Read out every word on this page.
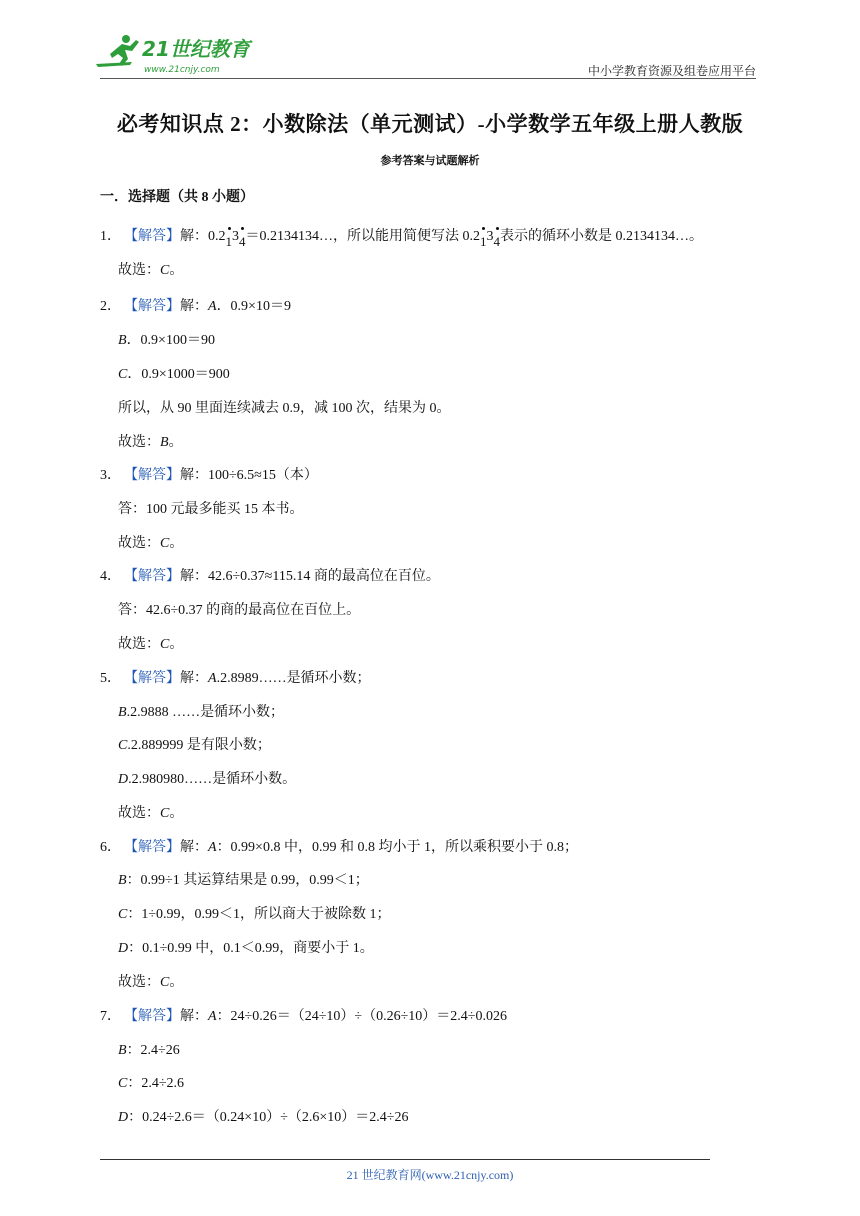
21世纪教育
www.21cnjy.com	中小学教育资源及组卷应用平台
必考知识点 2：小数除法（单元测试）-小学数学五年级上册人教版
参考答案与试题解析
一．选择题（共 8 小题）
1． 【解答】解：0.2134＝0.2134134…，所以能用简便写法 0.2134表示的循环小数是 0.2134134…。
故选：C。
2． 【解答】解：A．0.9×10＝9
B．0.9×100＝90
C．0.9×1000＝900
所以，从 90 里面连续减去 0.9，减 100 次，结果为 0。
故选：B。
3． 【解答】解：100÷6.5≈15（本）
答：100 元最多能买 15 本书。
故选：C。
4． 【解答】解：42.6÷0.37≈115.14 商的最高位在百位。
答：42.6÷0.37 的商的最高位在百位上。
故选：C。
5． 【解答】解：A.2.8989……是循环小数；
B.2.9888 ……是循环小数；
C.2.889999 是有限小数；
D.2.980980……是循环小数。
故选：C。
6． 【解答】解：A：0.99×0.8 中，0.99 和 0.8 均小于 1，所以乘积要小于 0.8；
B：0.99÷1 其运算结果是 0.99，0.99＜1；
C：1÷0.99，0.99＜1，所以商大于被除数 1；
D：0.1÷0.99 中，0.1＜0.99，商要小于 1。
故选：C。
7． 【解答】解：A：24÷0.26＝（24÷10）÷（0.26÷10）＝2.4÷0.026
B：2.4÷26
C：2.4÷2.6
D：0.24÷2.6＝（0.24×10）÷（2.6×10）＝2.4÷26
21 世纪教育网(www.21cnjy.com)
